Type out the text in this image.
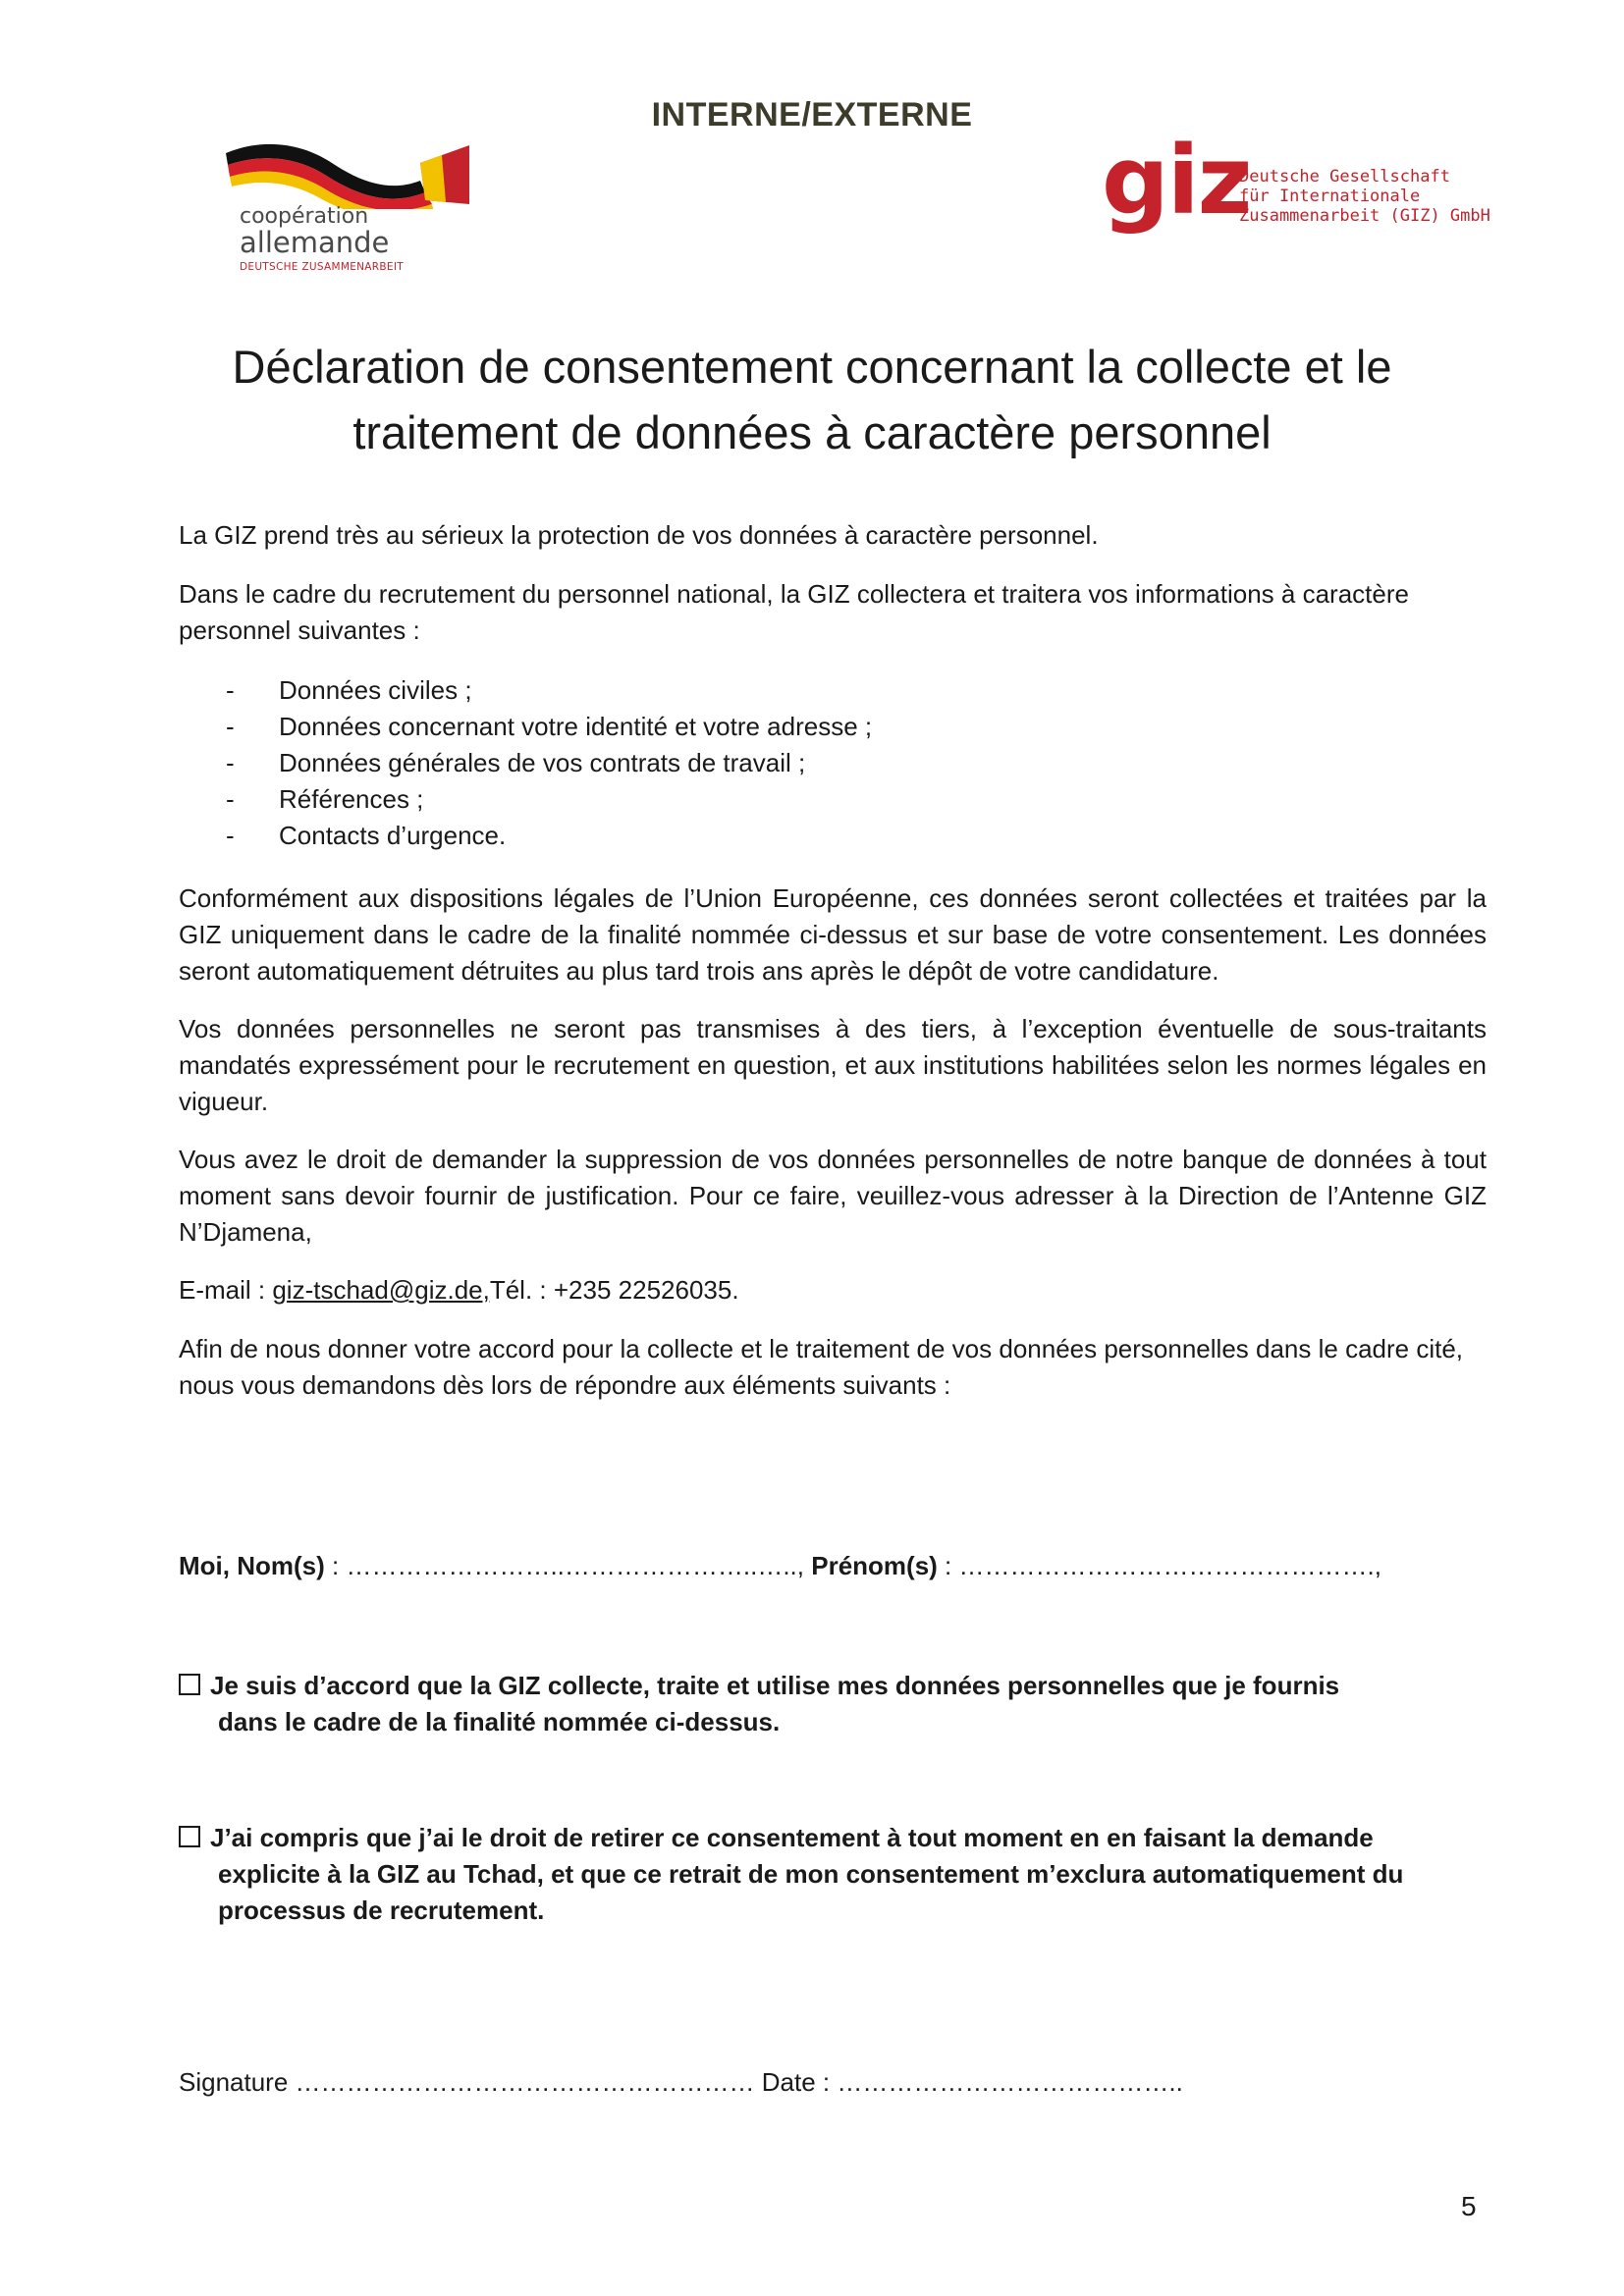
INTERNE/EXTERNE
coopération
allemande
DEUTSCHE ZUSAMMENARBEIT
giz
Deutsche Gesellschaft
für Internationale
Zusammenarbeit (GIZ) GmbH
Déclaration de consentement concernant la collecte et le
traitement de données à caractère personnel

La GIZ prend très au sérieux la protection de vos données à caractère personnel.

Dans le cadre du recrutement du personnel national, la GIZ collectera et traitera vos informations à caractère personnel suivantes :

-	Données civiles ;
-	Données concernant votre identité et votre adresse ;
-	Données générales de vos contrats de travail ;
-	Références ;
-	Contacts d’urgence.

Conformément aux dispositions légales de l’Union Européenne, ces données seront collectées et traitées par la GIZ uniquement dans le cadre de la finalité nommée ci-dessus et sur base de votre consentement. Les données seront automatiquement détruites au plus tard trois ans après le dépôt de votre candidature.

Vos données personnelles ne seront pas transmises à des tiers, à l’exception éventuelle de sous-traitants mandatés expressément pour le recrutement en question, et aux institutions habilitées selon les normes légales en vigueur.

Vous avez le droit de demander la suppression de vos données personnelles de notre banque de données à tout moment sans devoir fournir de justification. Pour ce faire, veuillez-vous adresser à la Direction de l’Antenne GIZ N’Djamena,

E-mail : giz-tschad@giz.de,Tél. : +235 22526035.

Afin de nous donner votre accord pour la collecte et le traitement de vos données personnelles dans le cadre cité, nous vous demandons dès lors de répondre aux éléments suivants :

Moi, Nom(s) : ……………………..…………………..….., Prénom(s) : ………………………………………….,
Je suis d’accord que la GIZ collecte, traite et utilise mes données personnelles que je fournis
dans le cadre de la finalité nommée ci-dessus.
J’ai compris que j’ai le droit de retirer ce consentement à tout moment en en faisant la demande
explicite à la GIZ au Tchad, et que ce retrait de mon consentement m’exclura automatiquement du
processus de recrutement.
Signature ……………………………………………… Date : …………………………………..
5
